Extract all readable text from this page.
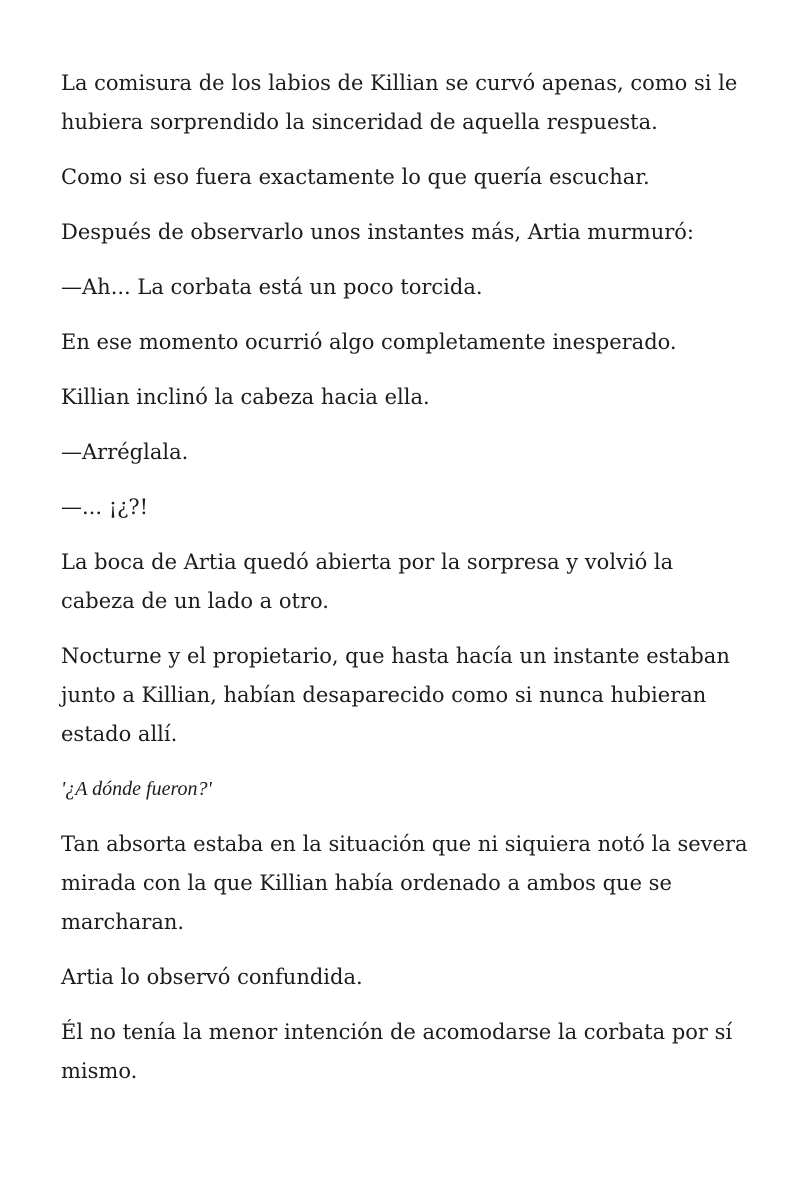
La comisura de los labios de Killian se curvó apenas, como si le hubiera sorprendido la sinceridad de aquella respuesta.

Como si eso fuera exactamente lo que quería escuchar.

Después de observarlo unos instantes más, Artia murmuró:

—Ah... La corbata está un poco torcida.

En ese momento ocurrió algo completamente inesperado.

Killian inclinó la cabeza hacia ella.

—Arréglala.

—... ¡¿?!

La boca de Artia quedó abierta por la sorpresa y volvió la cabeza de un lado a otro.

Nocturne y el propietario, que hasta hacía un instante estaban junto a Killian, habían desaparecido como si nunca hubieran estado allí.

'¿A dónde fueron?'

Tan absorta estaba en la situación que ni siquiera notó la severa mirada con la que Killian había ordenado a ambos que se marcharan.

Artia lo observó confundida.

Él no tenía la menor intención de acomodarse la corbata por sí mismo.
